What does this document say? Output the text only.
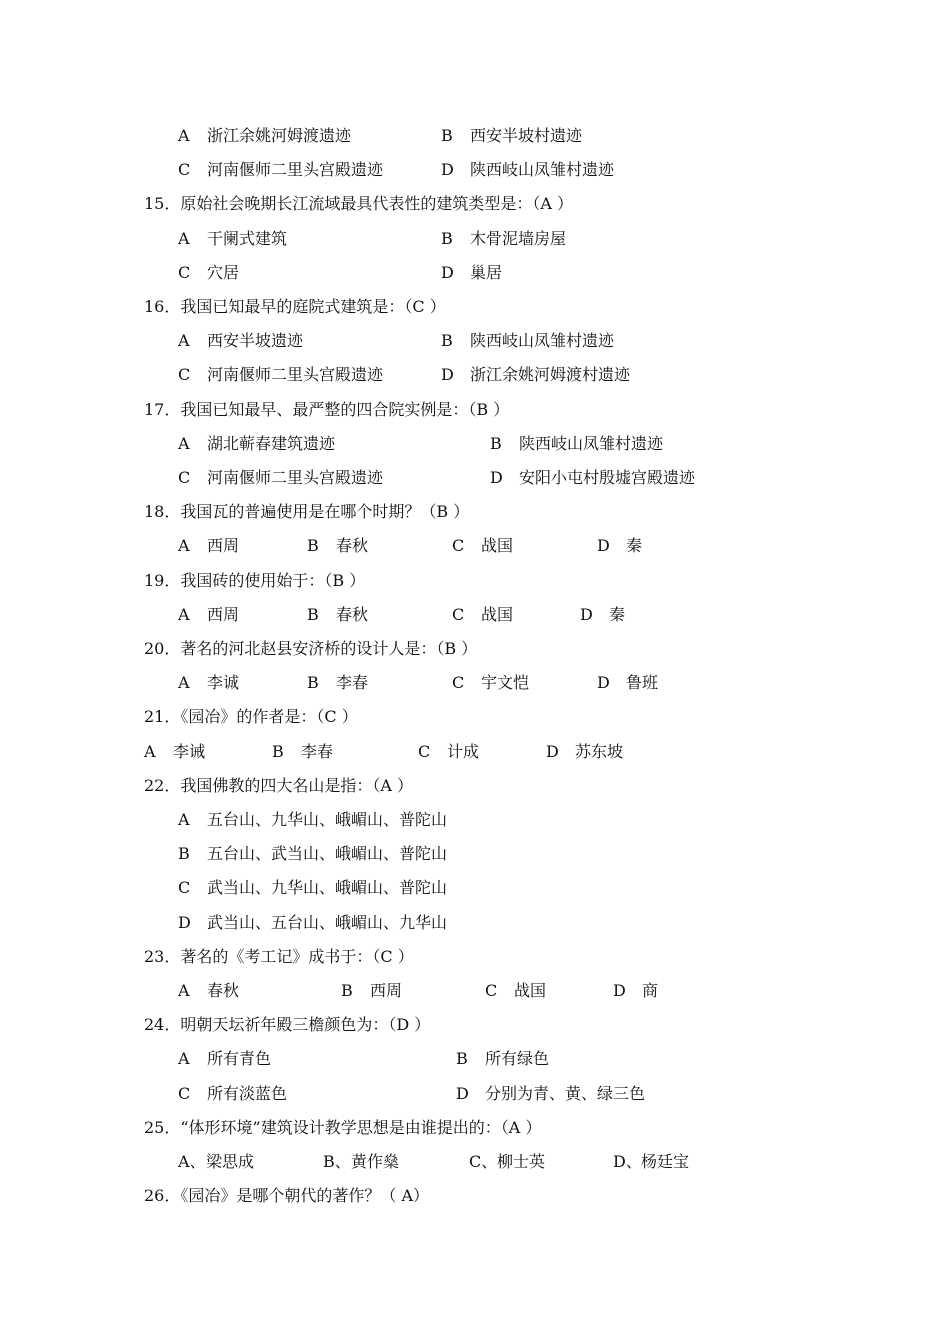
A 浙江余姚河姆渡遗迹	B 西安半坡村遗迹
C 河南偃师二里头宫殿遗迹	D 陕西岐山凤雏村遗迹
15．原始社会晚期长江流域最具代表性的建筑类型是：（A ）
A 干阑式建筑	B 木骨泥墙房屋
C 穴居	D 巢居
16．我国已知最早的庭院式建筑是：（C ）
A 西安半坡遗迹	B 陕西岐山凤雏村遗迹
C 河南偃师二里头宫殿遗迹	D 浙江余姚河姆渡村遗迹
17．我国已知最早、最严整的四合院实例是：（B ）
A 湖北蕲春建筑遗迹	B 陕西岐山凤雏村遗迹
C 河南偃师二里头宫殿遗迹	D 安阳小屯村殷墟宫殿遗迹
18．我国瓦的普遍使用是在哪个时期？（B ）
A 西周	B 春秋	C 战国	D 秦
19．我国砖的使用始于：（B ）
A 西周	B 春秋	C 战国	D 秦
20．著名的河北赵县安济桥的设计人是：（B ）
A 李诚	B 李春	C 宇文恺	D 鲁班
21．《园冶》的作者是：（C ）
A 李诫	B 李春	C 计成	D 苏东坡
22．我国佛教的四大名山是指：（A ）
A 五台山、九华山、峨嵋山、普陀山
B 五台山、武当山、峨嵋山、普陀山
C 武当山、九华山、峨嵋山、普陀山
D 武当山、五台山、峨嵋山、九华山
23．著名的《考工记》成书于：（C ）
A 春秋	B 西周	C 战国	D 商
24．明朝天坛祈年殿三檐颜色为：（D ）
A 所有青色	B 所有绿色
C 所有淡蓝色	D 分别为青、黄、绿三色
25．“体形环境”建筑设计教学思想是由谁提出的：（A ）
A、 梁思成	B、 黄作燊	C、 柳士英	D、 杨廷宝
26．《园冶》是哪个朝代的著作？（ A）
